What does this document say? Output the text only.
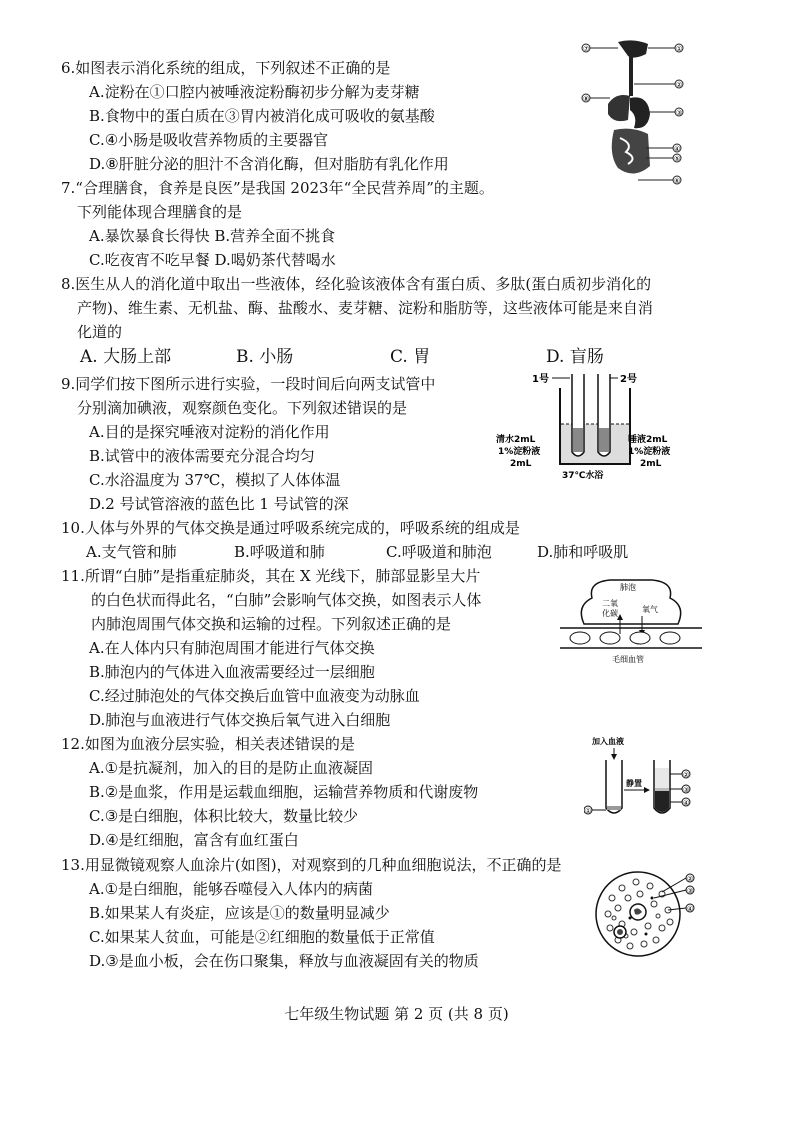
6.如图表示消化系统的组成，下列叙述不正确的是
A.淀粉在①口腔内被唾液淀粉酶初步分解为麦芽糖
B.食物中的蛋白质在③胃内被消化成可吸收的氨基酸
C.④小肠是吸收营养物质的主要器官
D.⑧肝脏分泌的胆汁不含消化酶，但对脂肪有乳化作用
⑦
⑧
①
②
③
④
⑤
⑥
7.“合理膳食，食养是良医”是我国 2023年“全民营养周”的主题。
下列能体现合理膳食的是
A.暴饮暴食长得快 B.营养全面不挑食
C.吃夜宵不吃早餐 D.喝奶茶代替喝水
8.医生从人的消化道中取出一些液体，经化验该液体含有蛋白质、多肽(蛋白质初步消化的
产物)、维生素、无机盐、酶、盐酸水、麦芽糖、淀粉和脂肪等，这些液体可能是来自消
化道的
A. 大肠上部	B. 小肠	C. 胃	D. 盲肠
9.同学们按下图所示进行实验，一段时间后向两支试管中
分别滴加碘液，观察颜色变化。下列叙述错误的是
A.目的是探究唾液对淀粉的消化作用
B.试管中的液体需要充分混合均匀
C.水浴温度为 37℃，模拟了人体体温
D.2 号试管溶液的蓝色比 1 号试管的深
1号	2号
清水2mL
1%淀粉液
2mL
唾液2mL
1%淀粉液
2mL
37℃水浴
10.人体与外界的气体交换是通过呼吸系统完成的，呼吸系统的组成是
A.支气管和肺	B.呼吸道和肺	C.呼吸道和肺泡	D.肺和呼吸肌
11.所谓“白肺”是指重症肺炎，其在 X 光线下，肺部显影呈大片
的白色状而得此名，“白肺”会影响气体交换，如图表示人体
内肺泡周围气体交换和运输的过程。下列叙述正确的是
A.在人体内只有肺泡周围才能进行气体交换
B.肺泡内的气体进入血液需要经过一层细胞
C.经过肺泡处的气体交换后血管中血液变为动脉血
D.肺泡与血液进行气体交换后氧气进入白细胞
肺泡
二氧
化碳	氧气
毛细血管
12.如图为血液分层实验，相关表述错误的是
A.①是抗凝剂，加入的目的是防止血液凝固
B.②是血浆，作用是运载血细胞，运输营养物质和代谢废物
C.③是白细胞，体积比较大，数量比较少
D.④是红细胞，富含有血红蛋白
加入血液
①
静置
②
③
④
13.用显微镜观察人血涂片(如图)，对观察到的几种血细胞说法，不正确的是
A.①是白细胞，能够吞噬侵入人体内的病菌
B.如果某人有炎症，应该是①的数量明显减少
C.如果某人贫血，可能是②红细胞的数量低于正常值
D.③是血小板，会在伤口聚集，释放与血液凝固有关的物质
②
③
④
七年级生物试题 第 2 页 (共 8 页)
